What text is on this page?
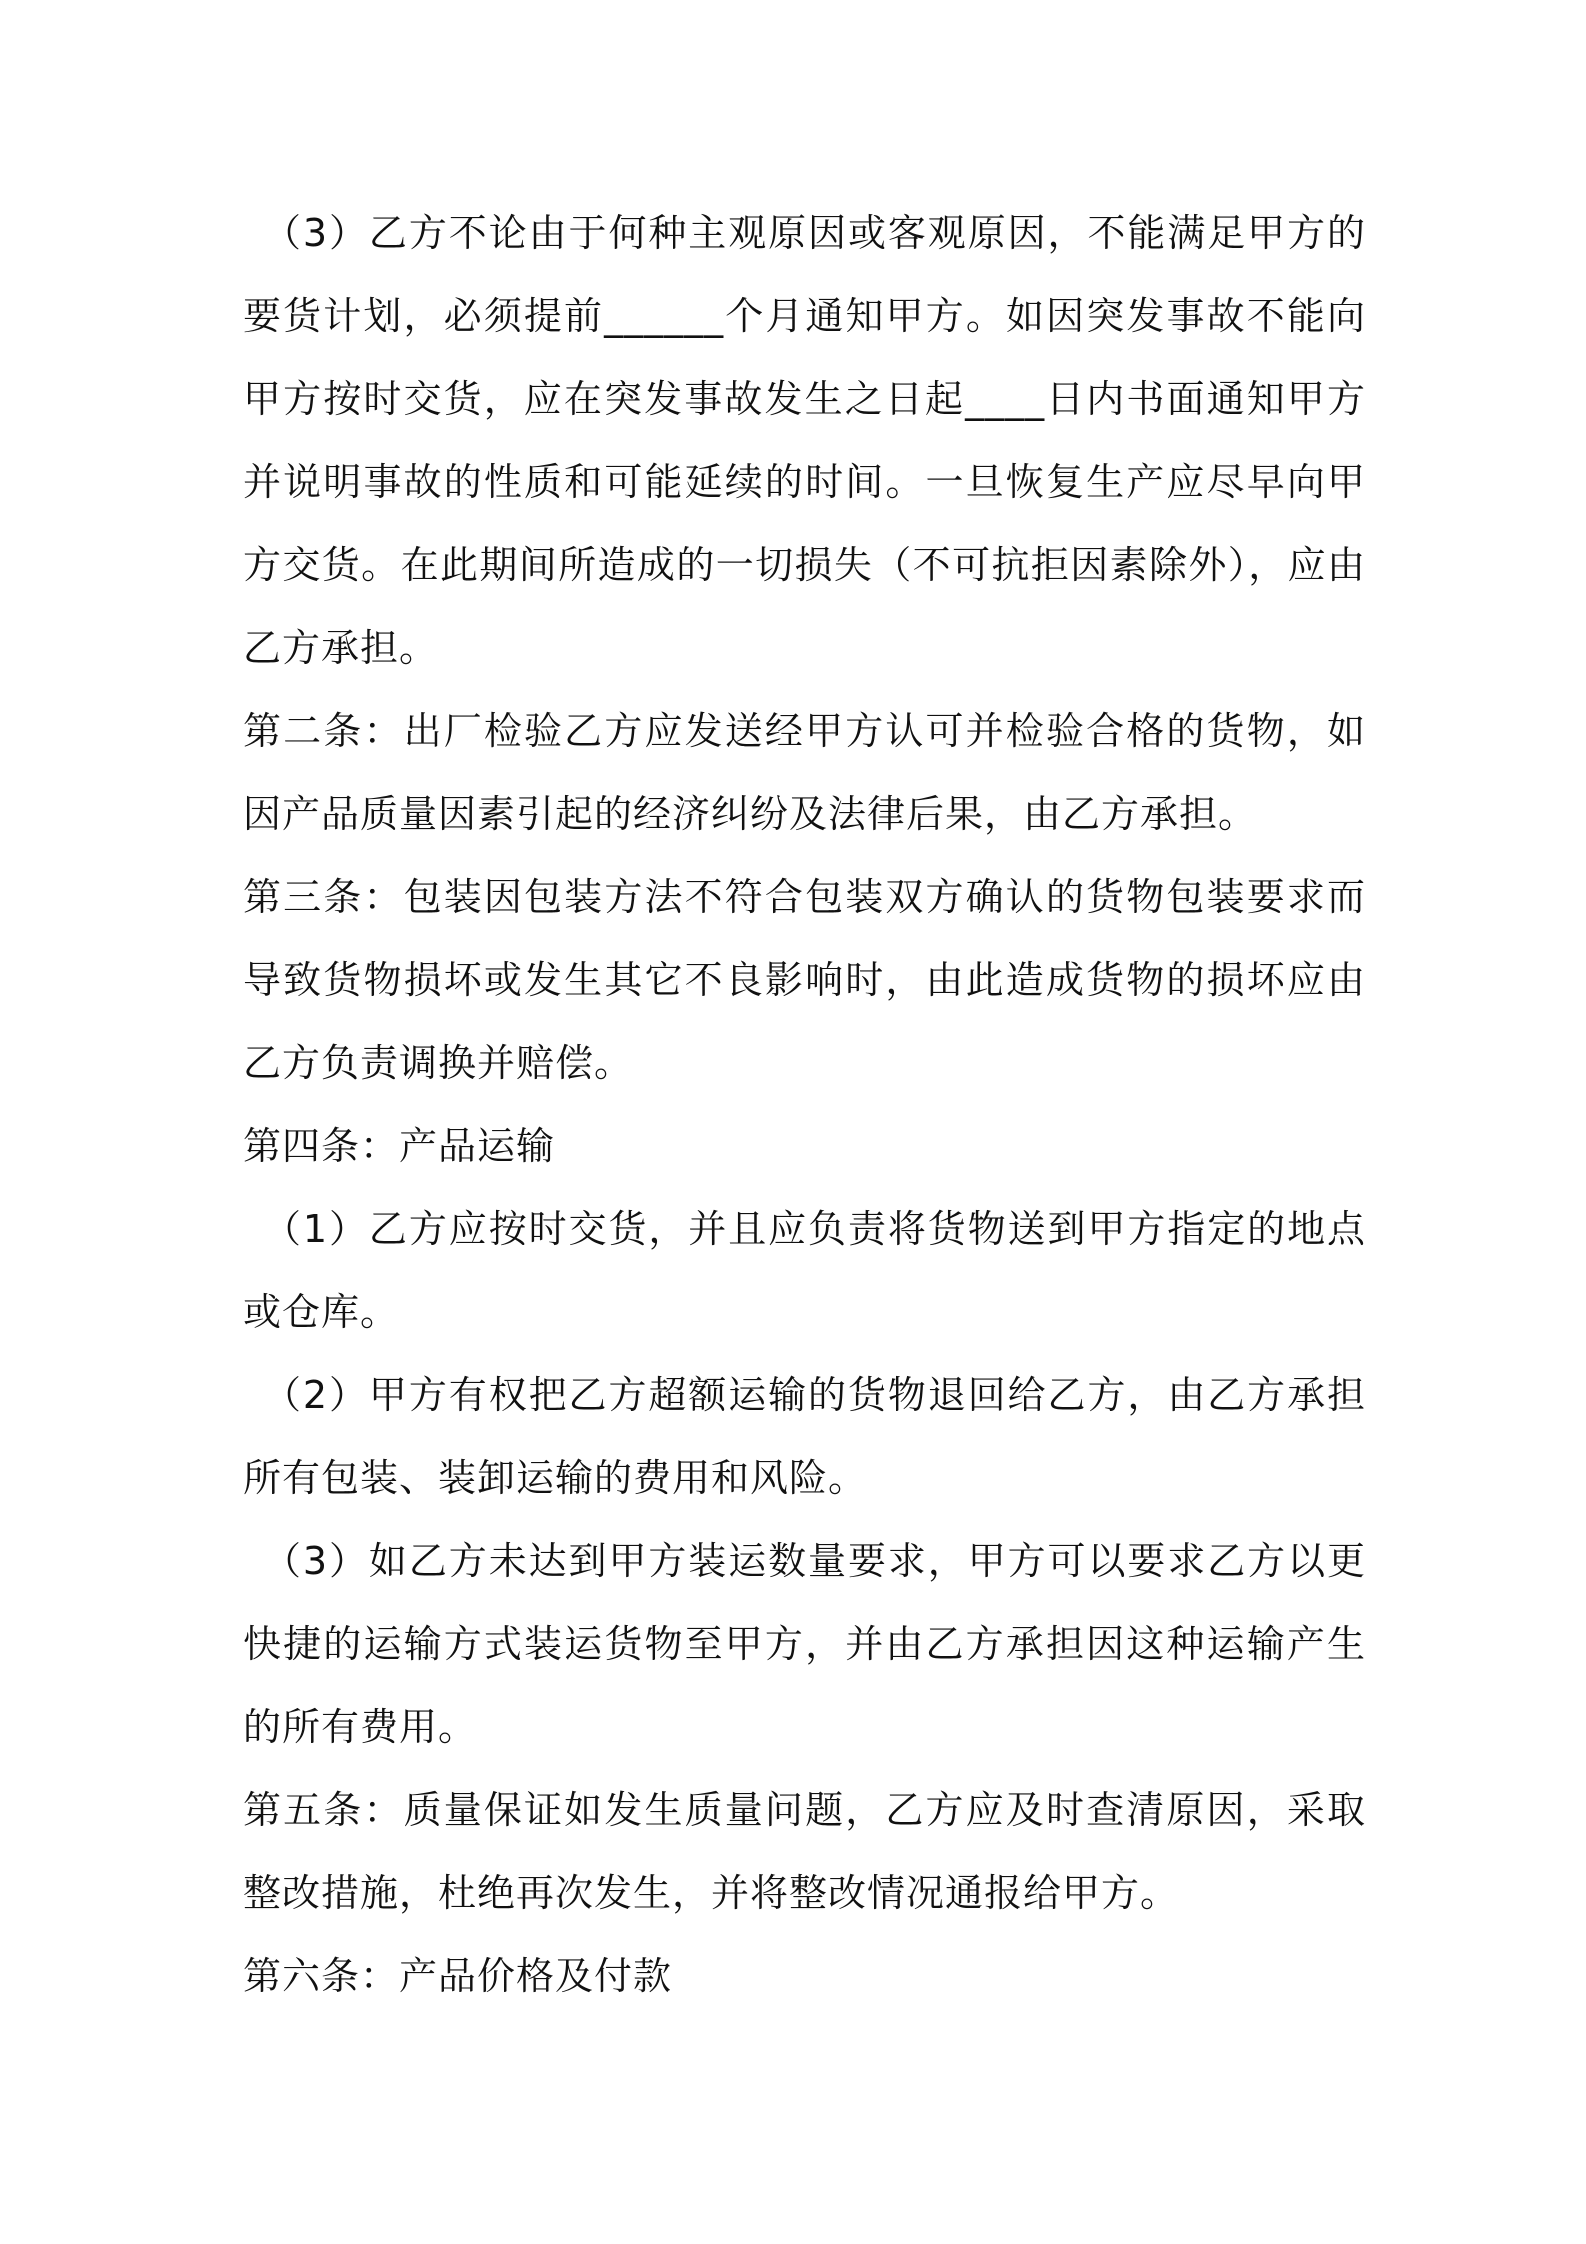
（3）乙方不论由于何种主观原因或客观原因，不能满足甲方的要货计划，必须提前______个月通知甲方。如因突发事故不能向甲方按时交货，应在突发事故发生之日起____日内书面通知甲方并说明事故的性质和可能延续的时间。一旦恢复生产应尽早向甲方交货。在此期间所造成的一切损失（不可抗拒因素除外），应由乙方承担。

第二条：出厂检验乙方应发送经甲方认可并检验合格的货物，如因产品质量因素引起的经济纠纷及法律后果，由乙方承担。

第三条：包装因包装方法不符合包装双方确认的货物包装要求而导致货物损坏或发生其它不良影响时，由此造成货物的损坏应由乙方负责调换并赔偿。

第四条：产品运输

（1）乙方应按时交货，并且应负责将货物送到甲方指定的地点或仓库。

（2）甲方有权把乙方超额运输的货物退回给乙方，由乙方承担所有包装、装卸运输的费用和风险。

（3）如乙方未达到甲方装运数量要求，甲方可以要求乙方以更快捷的运输方式装运货物至甲方，并由乙方承担因这种运输产生的所有费用。

第五条：质量保证如发生质量问题，乙方应及时查清原因，采取整改措施，杜绝再次发生，并将整改情况通报给甲方。

第六条：产品价格及付款
